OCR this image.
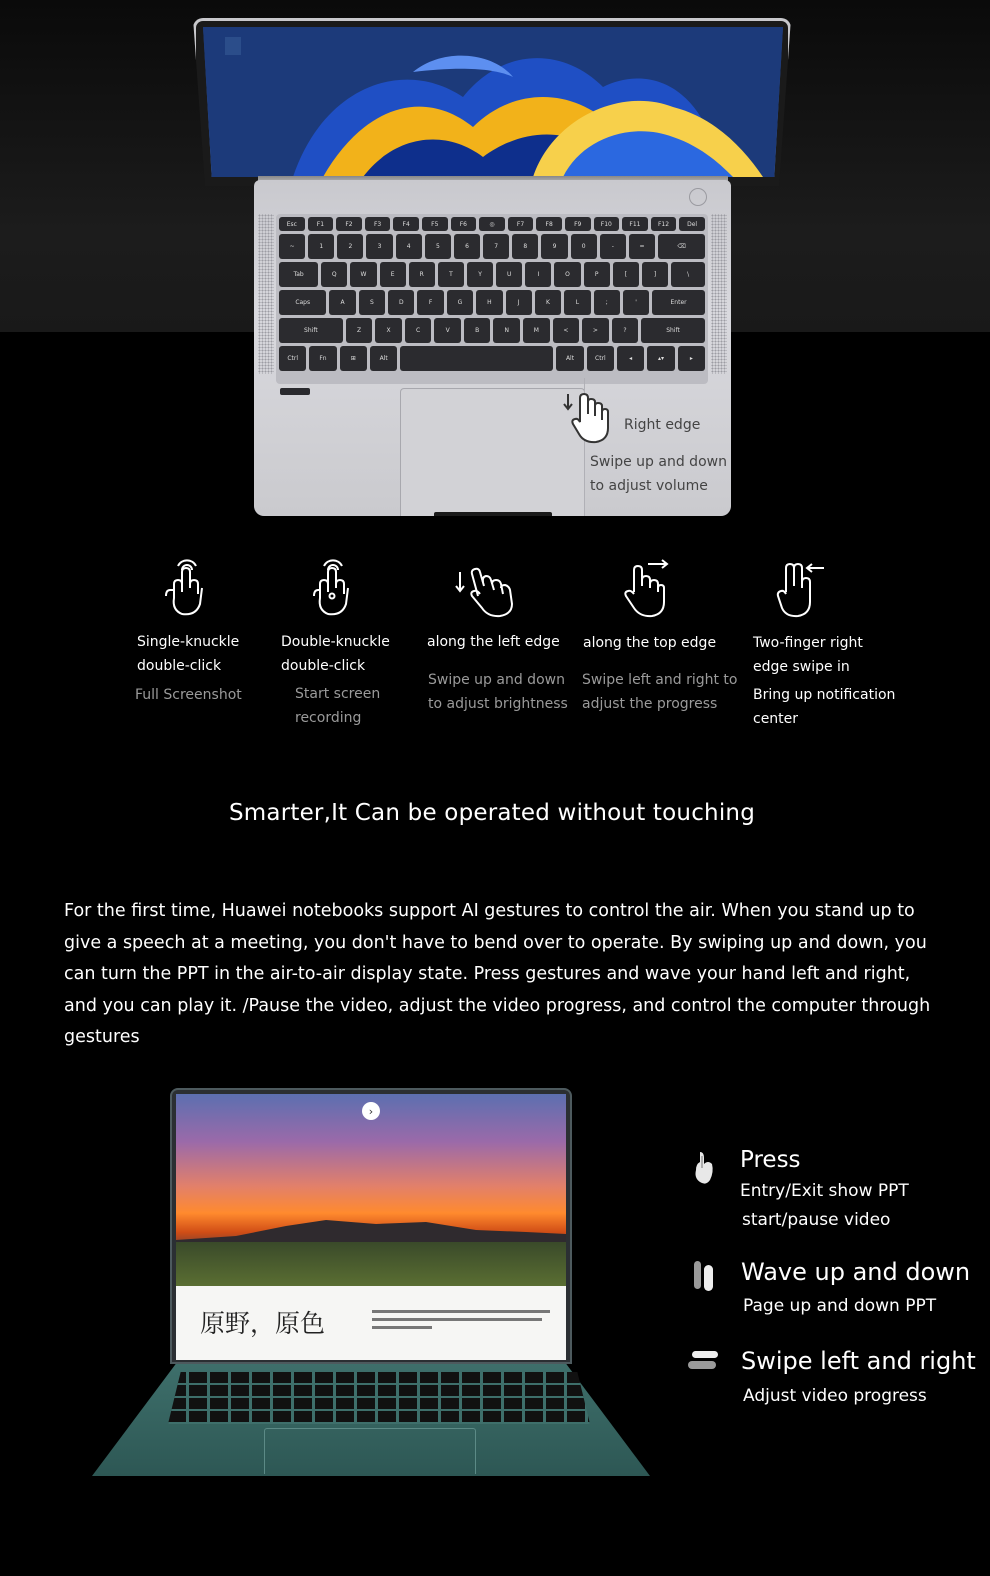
Esc	F1	F2	F3	F4	F5	F6	◎	F7	F8	F9	F10	F11	F12	Del
~	1	2	3	4	5	6	7	8	9	0	-	=	⌫
Tab	Q	W	E	R	T	Y	U	I	O	P	[	]	\
Caps	A	S	D	F	G	H	J	K	L	;	'	Enter
Shift	Z	X	C	V	B	N	M	<	>	?	Shift
Ctrl	Fn	⊞	Alt	Alt	Ctrl	◂	▴▾	▸
Right edge
Swipe up and down
to adjust volume
Single-knuckle
double-click
Full Screenshot
Double-knuckle
double-click
Start screen
recording
along the left edge
Swipe up and down
to adjust brightness
along the top edge
Swipe left and right to
adjust the progress
Two-finger right
edge swipe in
Bring up notification
center
Smarter,It Can be operated without touching
For the first time, Huawei notebooks support AI gestures to control the air. When you stand up to give a speech at a meeting, you don't have to bend over to operate. By swiping up and down, you can turn the PPT in the air-to-air display state. Press gestures and wave your hand left and right, and you can play it. /Pause the video, adjust the video progress, and control the computer through gestures
›
原野，原色
Press
Entry/Exit show PPT
start/pause video
Wave up and down
Page up and down PPT
Swipe left and right
Adjust video progress
